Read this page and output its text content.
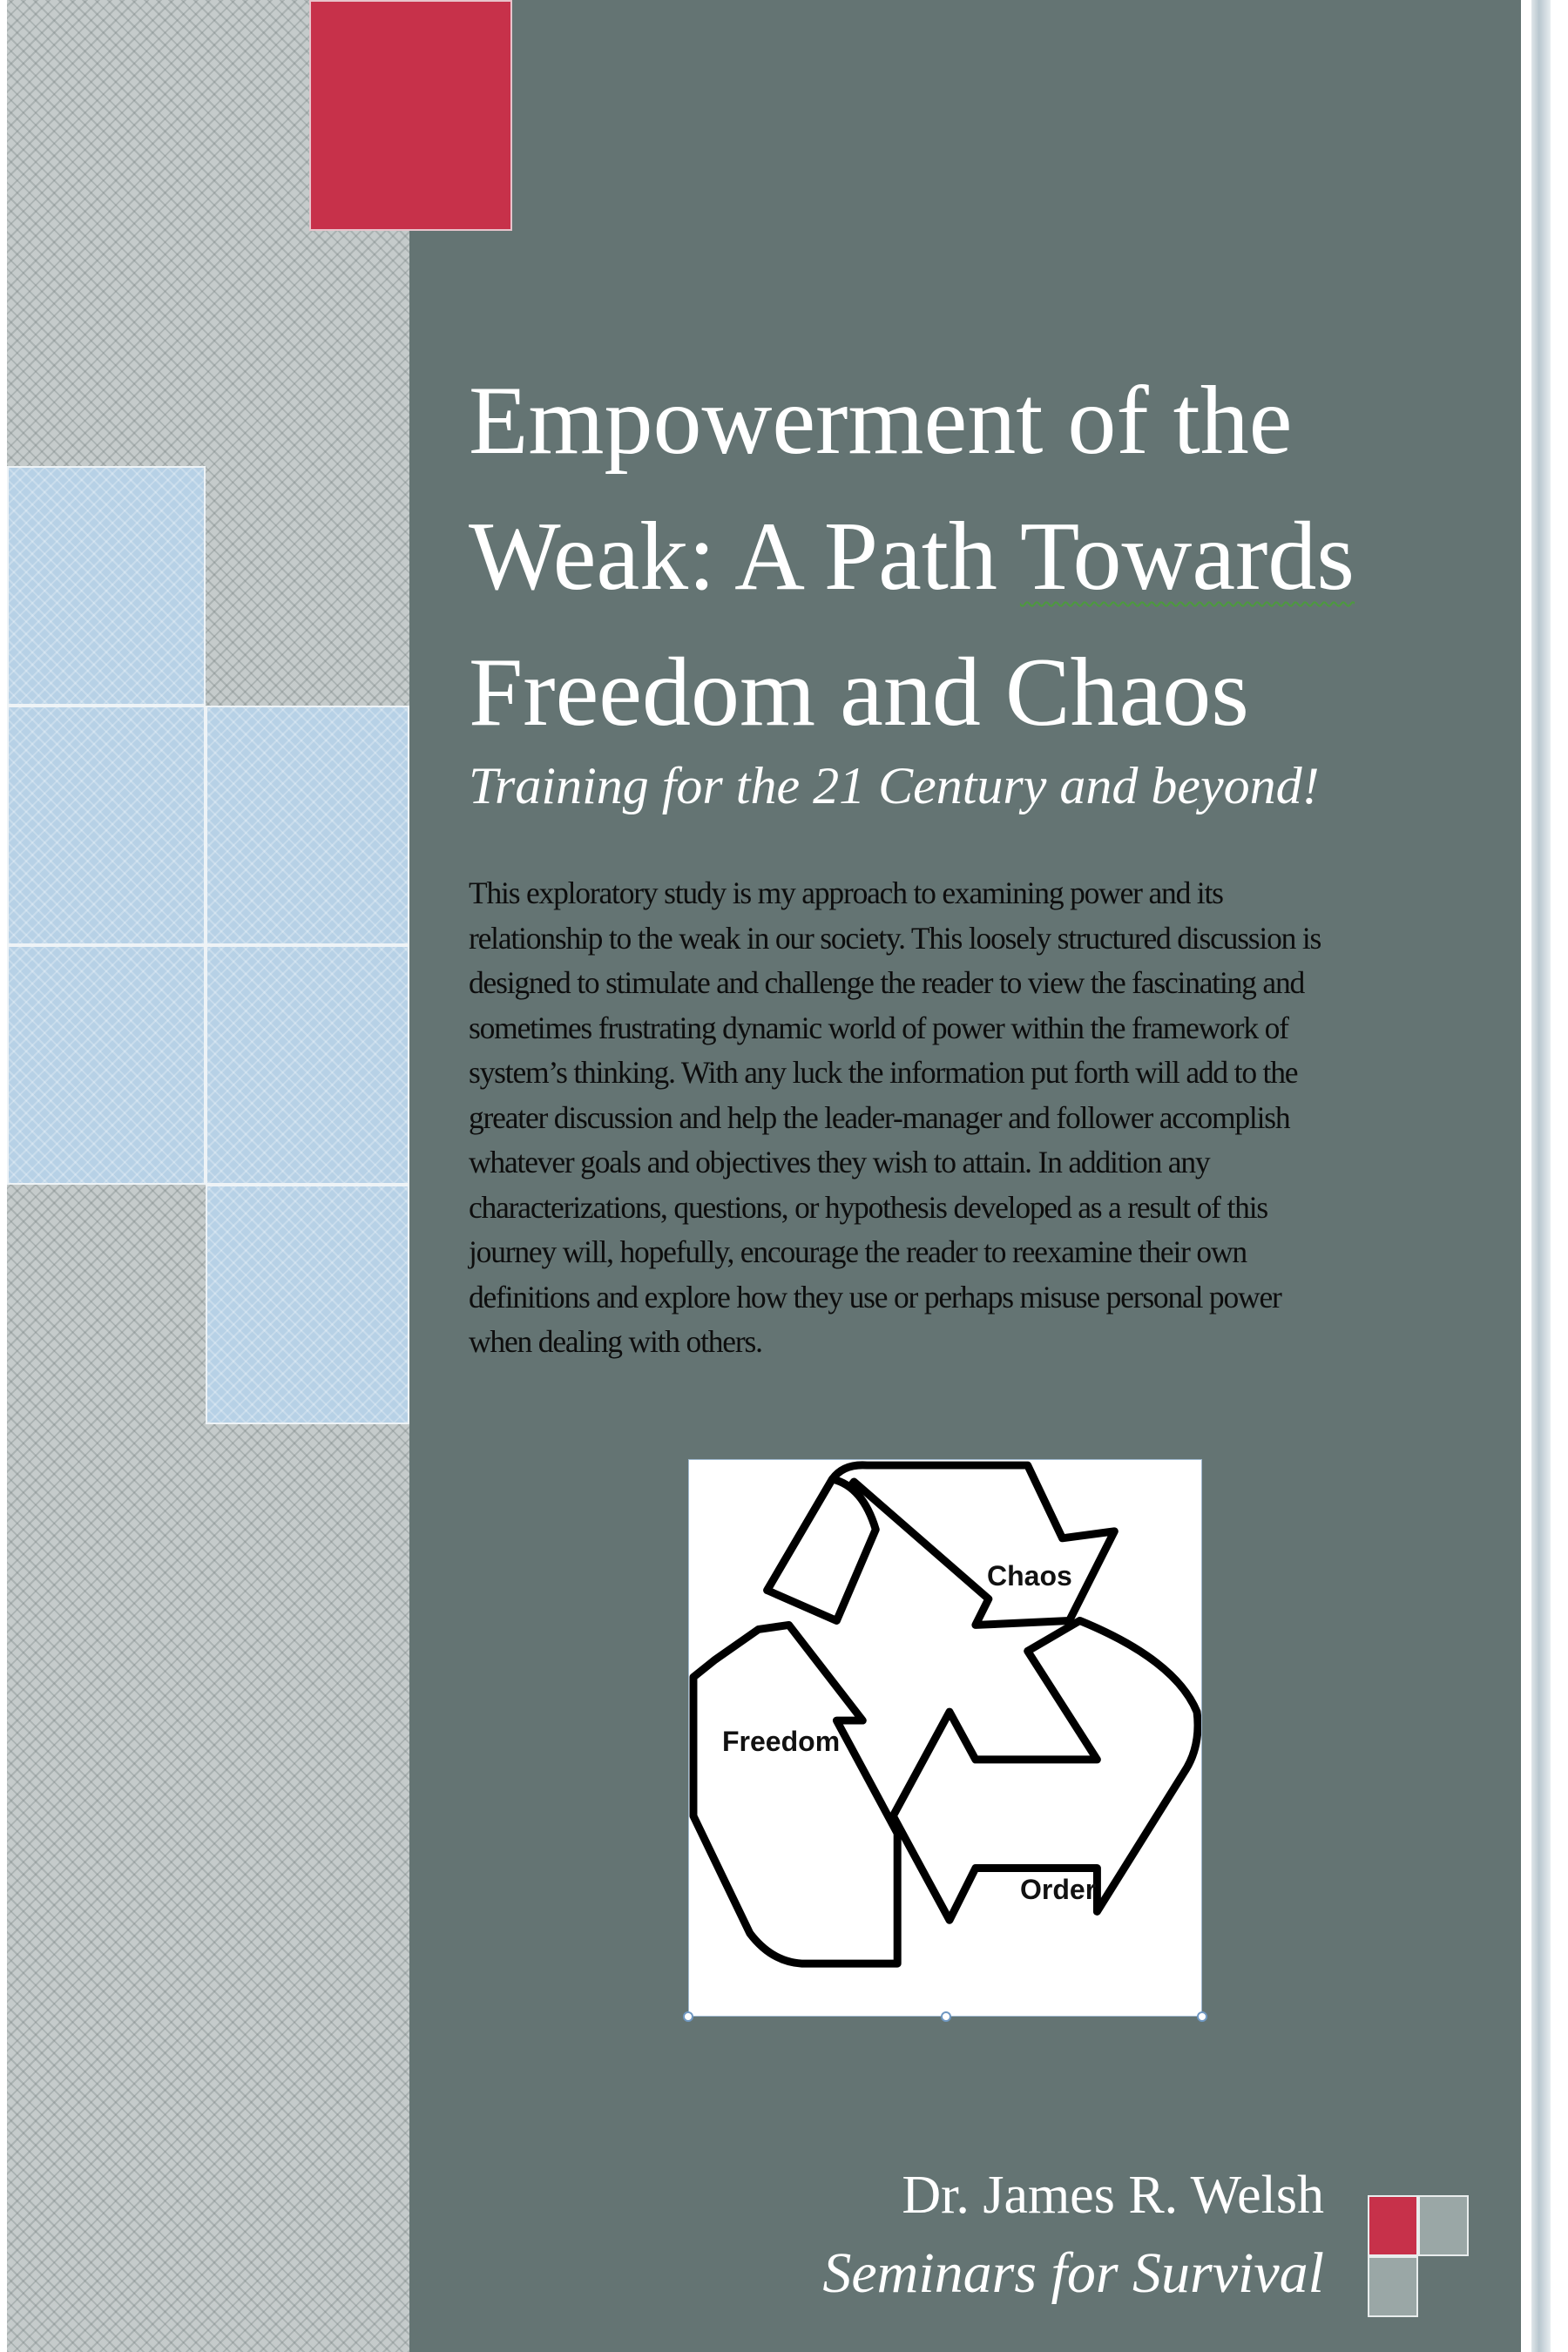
Empowerment of the
Weak: A Path Towards
Freedom and Chaos

Training for the 21 Century and beyond!

This exploratory study is my approach to examining power and its
relationship to the weak in our society. This loosely structured discussion is
designed to stimulate and challenge the reader to view the fascinating and
sometimes frustrating dynamic world of power within the framework of
system’s thinking. With any luck the information put forth will add to the
greater discussion and help the leader-manager and follower accomplish
whatever goals and objectives they wish to attain. In addition any
characterizations, questions, or hypothesis developed as a result of this
journey will, hopefully, encourage the reader to reexamine their own
definitions and explore how they use or perhaps misuse personal power
when dealing with others.

Chaos
Order
Freedom

Dr. James R. Welsh

Seminars for Survival
